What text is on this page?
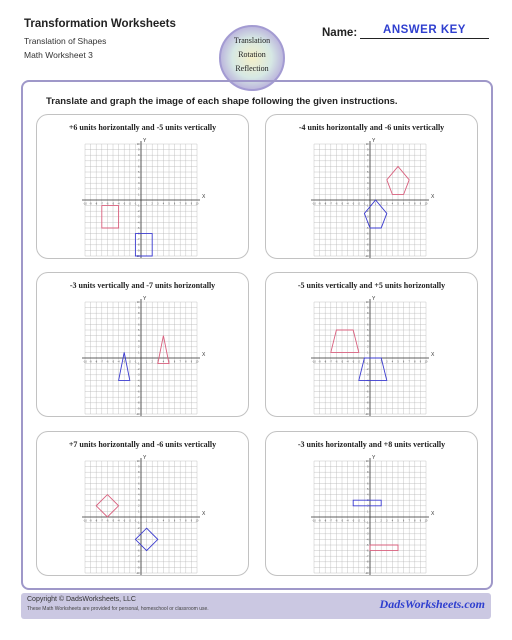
Transformation Worksheets
Translation of Shapes
Math Worksheet 3
Translation
Rotation
Reflection
Name:	ANSWER KEY
Translate and graph the image of each shape following the given instructions.
+6 units horizontally and -5 units vertically
-10
-10
-9
-9
-8
-8
-7
-7
-6
-6
-5
-5
-4
-4
-3
-3
-2
-2
-1
-1
1
1
2
2
3
3
4
4
5
5
6
6
7
7
8
8
9
9
10
10
X
Y
-4 units horizontally and -6 units vertically
-10
-10
-9
-9
-8
-8
-7
-7
-6
-6
-5
-5
-4
-4
-3
-3
-2
-2
-1
-1
1
1
2
2
3
3
4
4
5
5
6
6
7
7
8
8
9
9
10
10
X
Y
-3 units vertically and -7 units horizontally
-10
-10
-9
-9
-8
-8
-7
-7
-6
-6
-5
-5
-4
-4
-3
-3
-2
-2
-1
-1
1
1
2
2
3
3
4
4
5
5
6
6
7
7
8
8
9
9
10
10
X
Y
-5 units vertically and +5 units horizontally
-10
-10
-9
-9
-8
-8
-7
-7
-6
-6
-5
-5
-4
-4
-3
-3
-2
-2
-1
-1
1
1
2
2
3
3
4
4
5
5
6
6
7
7
8
8
9
9
10
10
X
Y
+7 units horizontally and -6 units vertically
-10
-10
-9
-9
-8
-8
-7
-7
-6
-6
-5
-5
-4
-4
-3
-3
-2
-2
-1
-1
1
1
2
2
3
3
4
4
5
5
6
6
7
7
8
8
9
9
10
10
X
Y
-3 units horizontally and +8 units vertically
-10
-10
-9
-9
-8
-8
-7
-7
-6
-6
-5
-5
-4
-4
-3
-3
-2
-2
-1
-1
1
1
2
2
3
3
4
4
5
5
6
6
7
7
8
8
9
9
10
10
X
Y
Copyright © DadsWorksheets, LLC
These Math Worksheets are provided for personal, homeschool or classroom use.	DadsWorksheets.com
